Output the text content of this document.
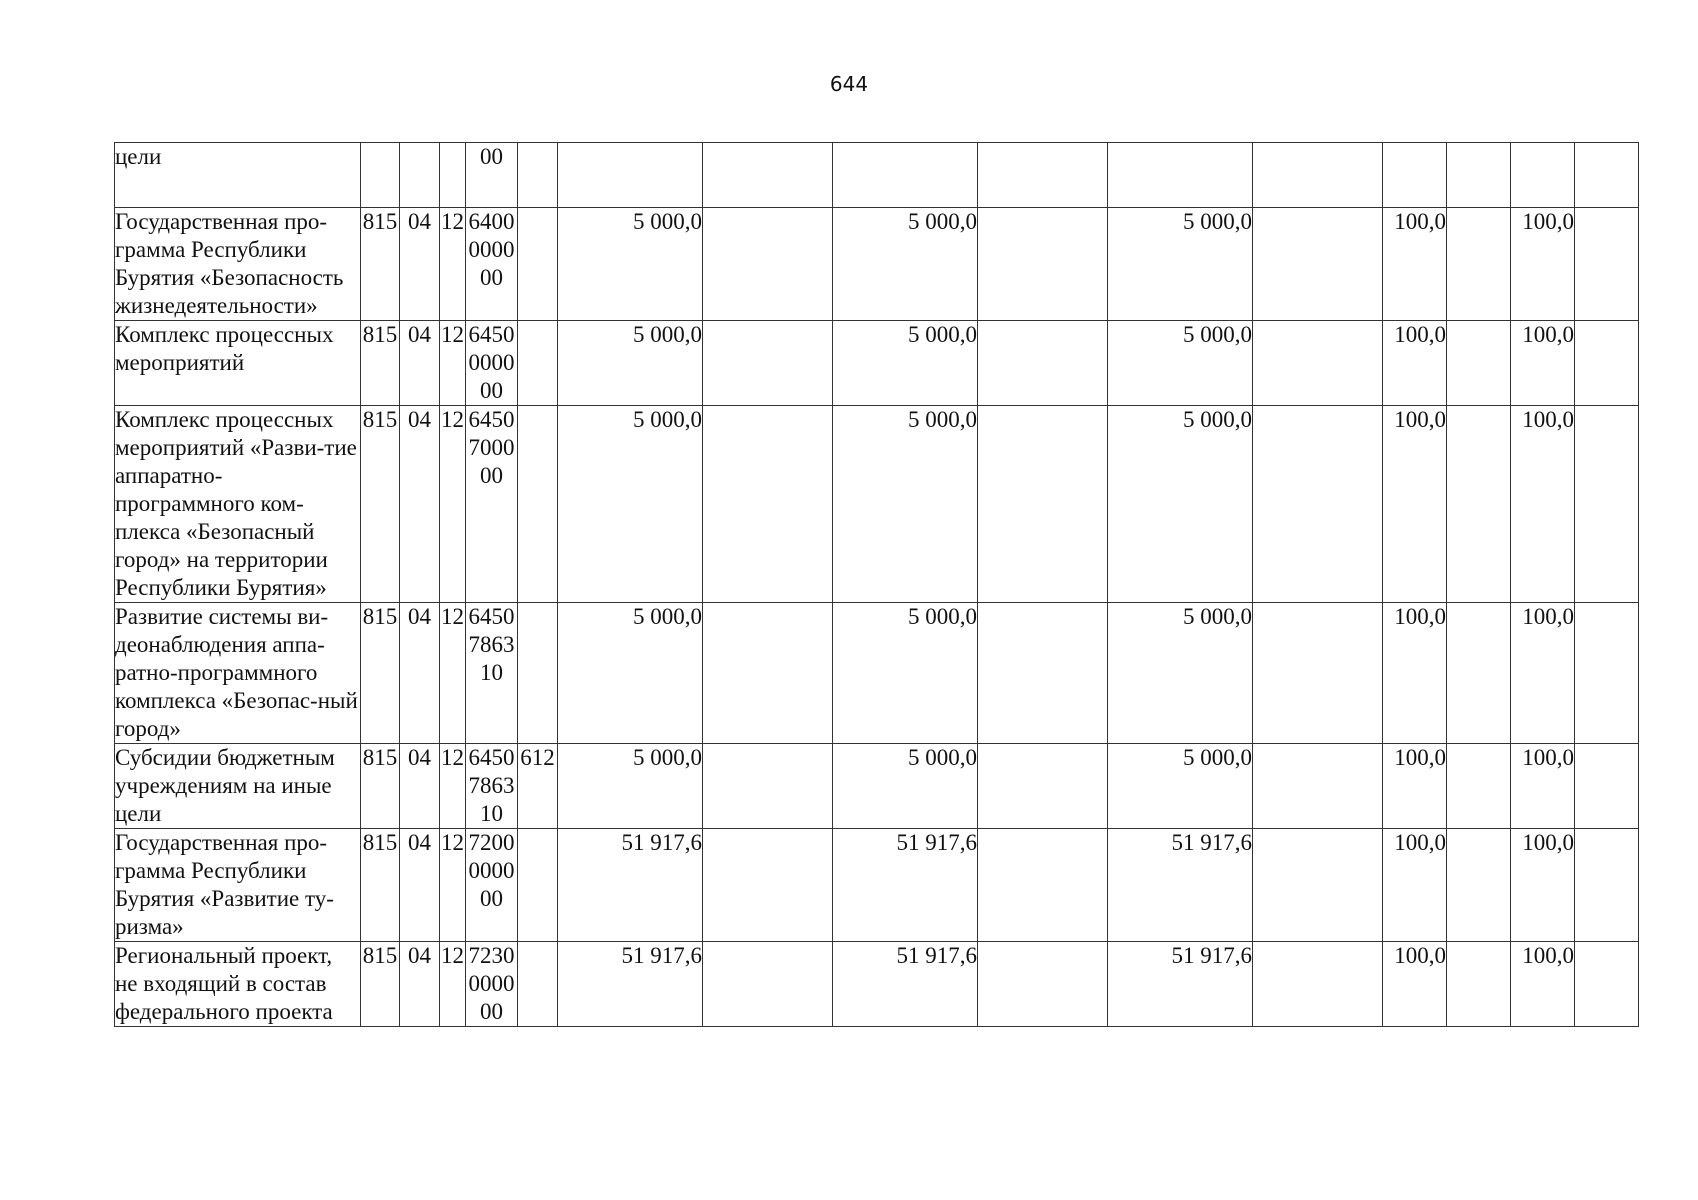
644
цели				00											
Государственная про-грамма Республики Бурятия «Безопасность жизнедеятельности»	815	04	12	6400 0000 00		5 000,0		5 000,0		5 000,0		100,0		100,0	
Комплекс процессных мероприятий	815	04	12	6450 0000 00		5 000,0		5 000,0		5 000,0		100,0		100,0	
Комплекс процессных мероприятий «Разви-тие аппаратно-программного ком-плекса «Безопасный город» на территории Республики Бурятия»	815	04	12	6450 7000 00		5 000,0		5 000,0		5 000,0		100,0		100,0	
Развитие системы ви-деонаблюдения аппа-ратно-программного комплекса «Безопас-ный город»	815	04	12	6450 7863 10		5 000,0		5 000,0		5 000,0		100,0		100,0	
Субсидии бюджетным учреждениям на иные цели	815	04	12	6450 7863 10	612	5 000,0		5 000,0		5 000,0		100,0		100,0	
Государственная про-грамма Республики Бурятия «Развитие ту-ризма»	815	04	12	7200 0000 00		51 917,6		51 917,6		51 917,6		100,0		100,0	
Региональный проект, не входящий в состав федерального проекта	815	04	12	7230 0000 00		51 917,6		51 917,6		51 917,6		100,0		100,0	
